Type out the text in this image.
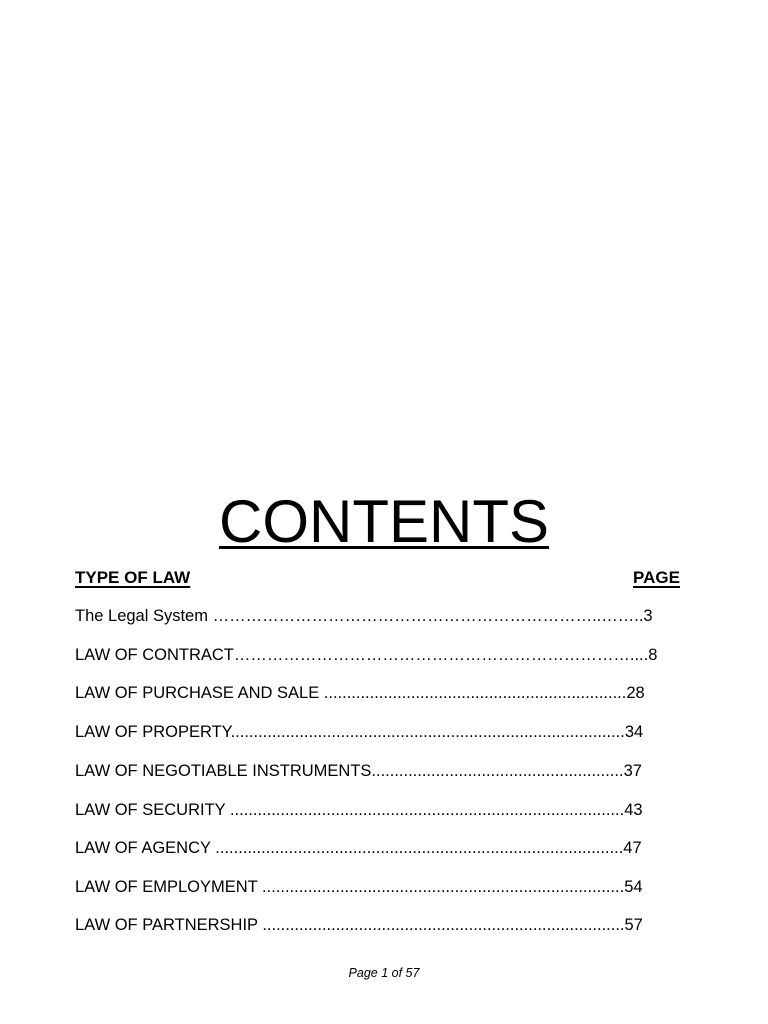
CONTENTS
TYPE OF LAW	PAGE
The Legal System ……………………………………………………………..……..3
LAW OF CONTRACT………………………………………………………………....8
LAW OF PURCHASE AND SALE ..................................................................28
LAW OF PROPERTY......................................................................................34
LAW OF NEGOTIABLE INSTRUMENTS.......................................................37
LAW OF SECURITY ......................................................................................43
LAW OF AGENCY .........................................................................................47
LAW OF EMPLOYMENT ...............................................................................54
LAW OF PARTNERSHIP ...............................................................................57
Page 1 of 57
